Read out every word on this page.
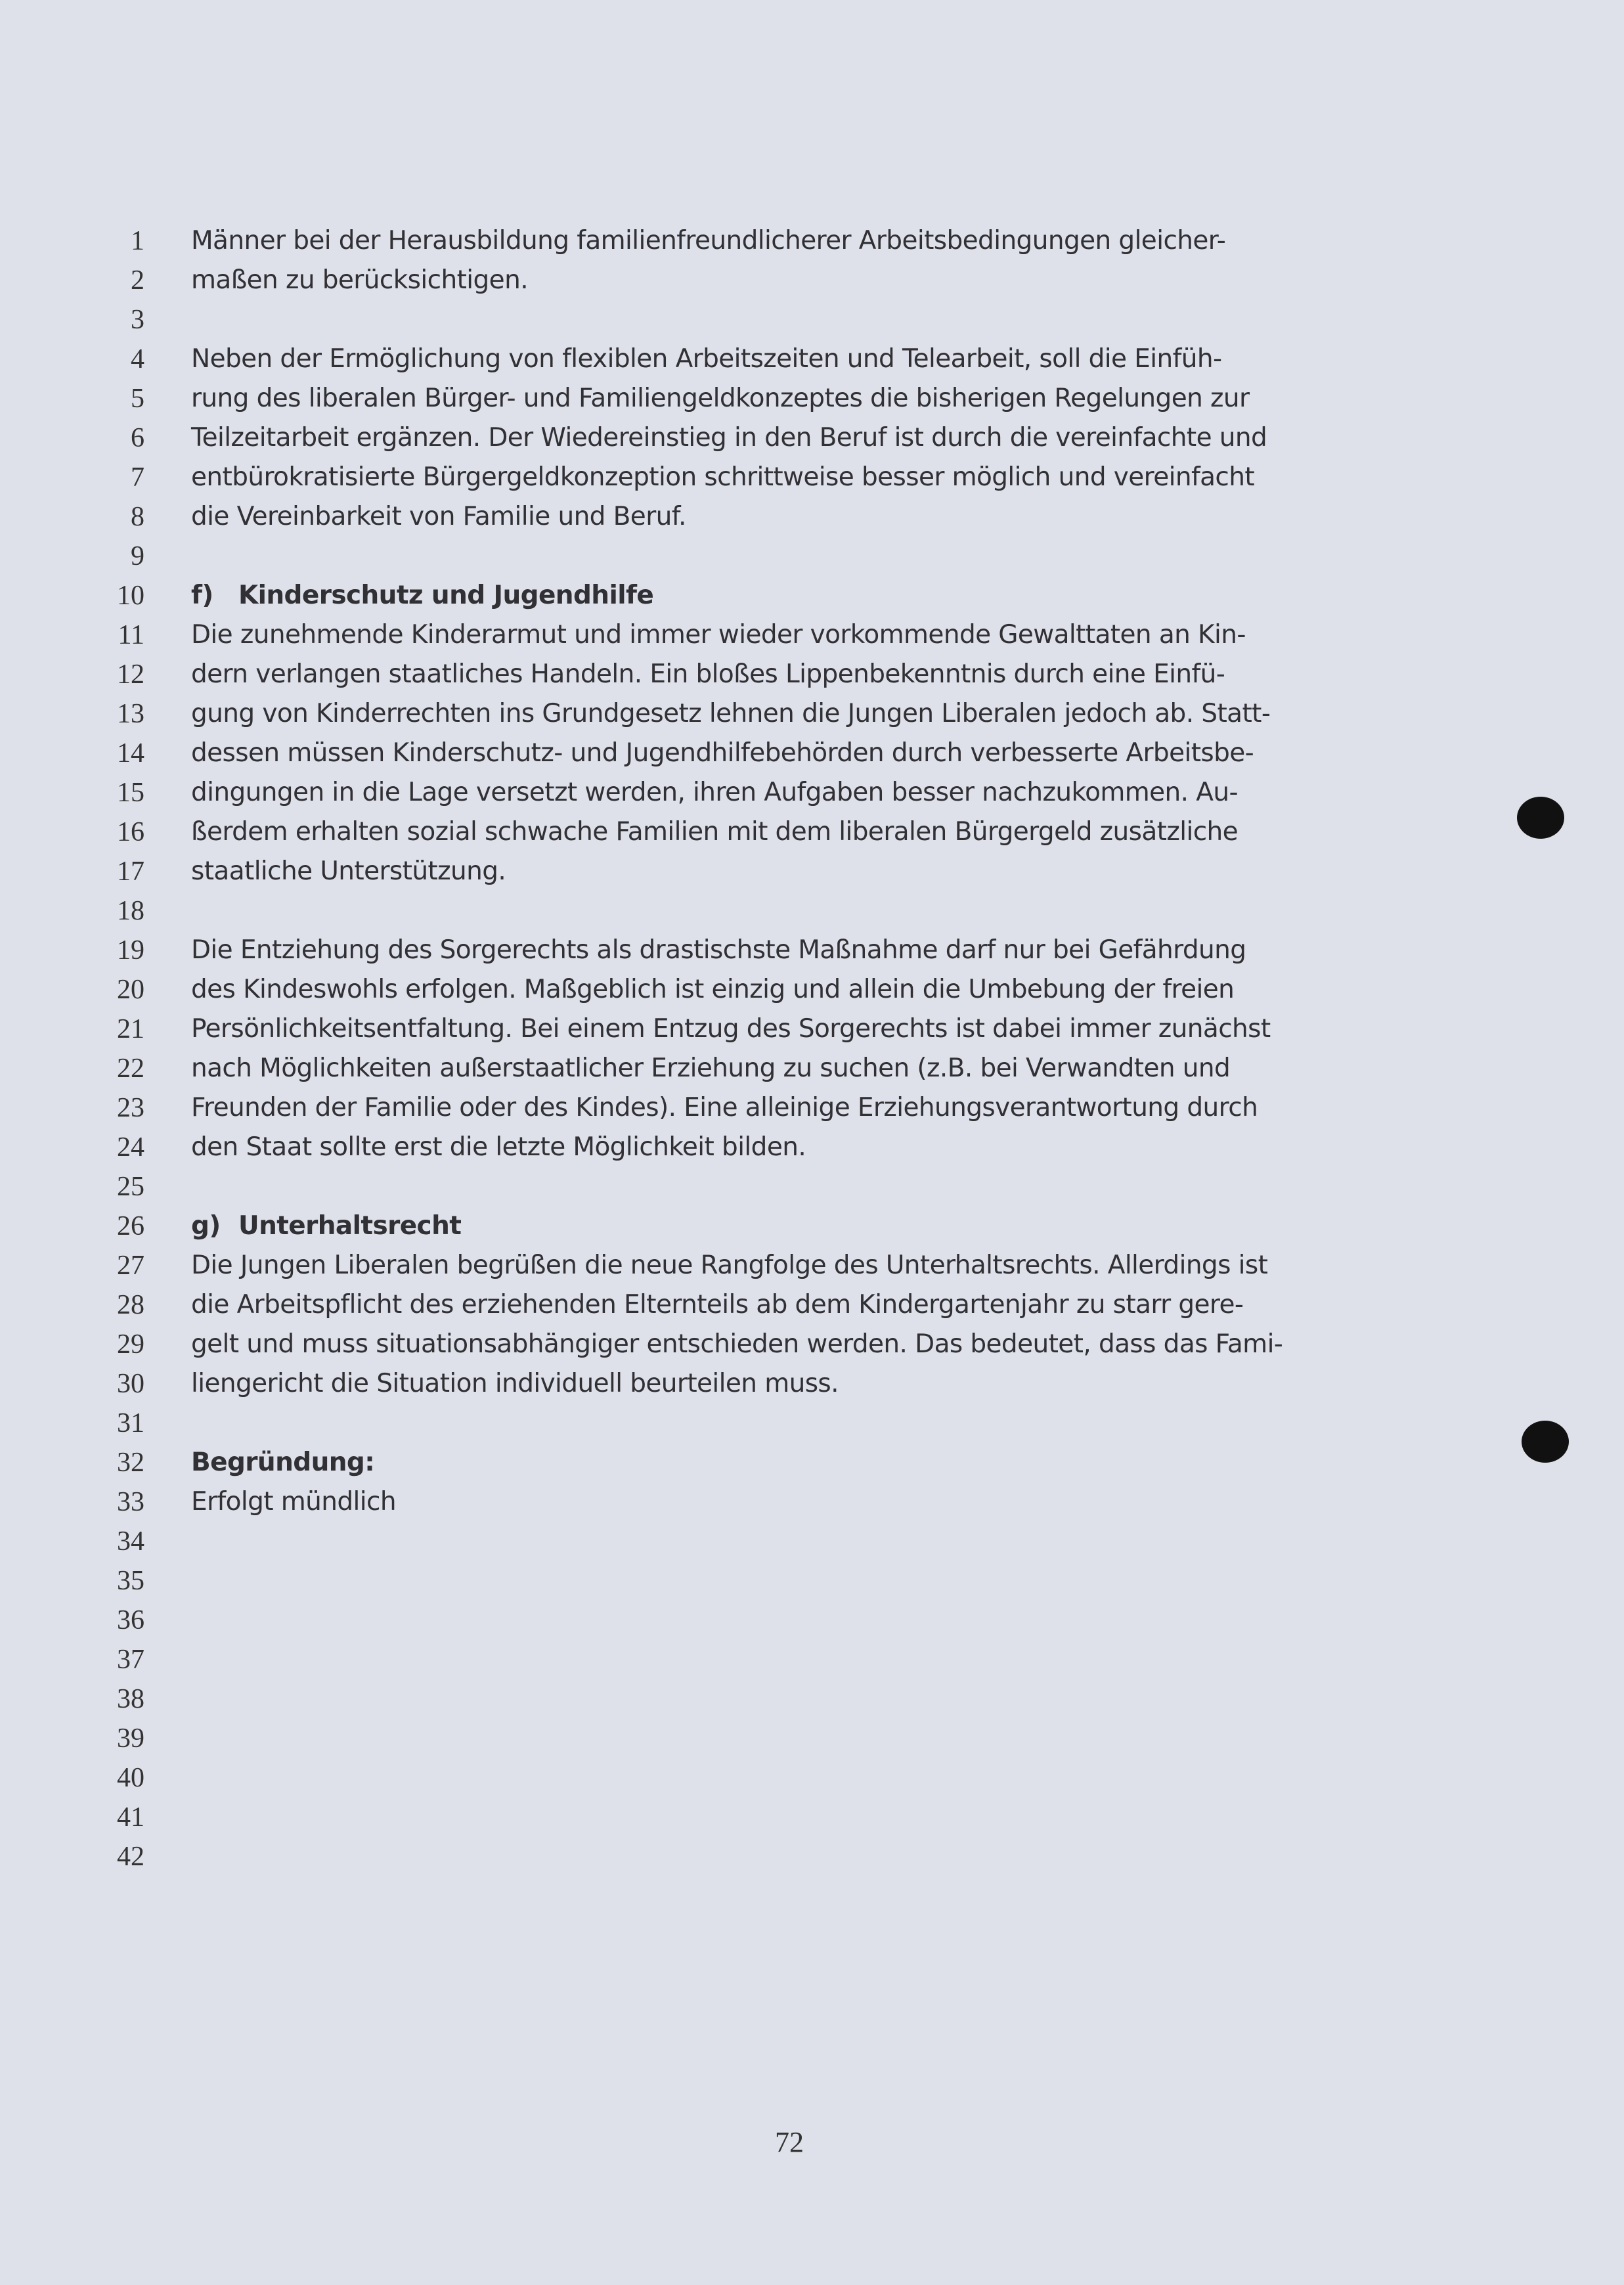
1 Männer bei der Herausbildung familienfreundlicherer Arbeitsbedingungen gleicher-
2 maßen zu berücksichtigen.
3
4 Neben der Ermöglichung von flexiblen Arbeitszeiten und Telearbeit, soll die Einfüh-
5 rung des liberalen Bürger- und Familiengeldkonzeptes die bisherigen Regelungen zur
6 Teilzeitarbeit ergänzen. Der Wiedereinstieg in den Beruf ist durch die vereinfachte und
7 entbürokratisierte Bürgergeldkonzeption schrittweise besser möglich und vereinfacht
8 die Vereinbarkeit von Familie und Beruf.
9
10 f) Kinderschutz und Jugendhilfe
11 Die zunehmende Kinderarmut und immer wieder vorkommende Gewalttaten an Kin-
12 dern verlangen staatliches Handeln. Ein bloßes Lippenbekenntnis durch eine Einfü-
13 gung von Kinderrechten ins Grundgesetz lehnen die Jungen Liberalen jedoch ab. Statt-
14 dessen müssen Kinderschutz- und Jugendhilfebehörden durch verbesserte Arbeitsbe-
15 dingungen in die Lage versetzt werden, ihren Aufgaben besser nachzukommen. Au-
16 ßerdem erhalten sozial schwache Familien mit dem liberalen Bürgergeld zusätzliche
17 staatliche Unterstützung.
18
19 Die Entziehung des Sorgerechts als drastischste Maßnahme darf nur bei Gefährdung
20 des Kindeswohls erfolgen. Maßgeblich ist einzig und allein die Umbebung der freien
21 Persönlichkeitsentfaltung. Bei einem Entzug des Sorgerechts ist dabei immer zunächst
22 nach Möglichkeiten außerstaatlicher Erziehung zu suchen (z.B. bei Verwandten und
23 Freunden der Familie oder des Kindes). Eine alleinige Erziehungsverantwortung durch
24 den Staat sollte erst die letzte Möglichkeit bilden.
25
26 g) Unterhaltsrecht
27 Die Jungen Liberalen begrüßen die neue Rangfolge des Unterhaltsrechts. Allerdings ist
28 die Arbeitspflicht des erziehenden Elternteils ab dem Kindergartenjahr zu starr gere-
29 gelt und muss situationsabhängiger entschieden werden. Das bedeutet, dass das Fami-
30 liengericht die Situation individuell beurteilen muss.
31
32 Begründung:
33 Erfolgt mündlich
34
35
36
37
38
39
40
41
42
72
